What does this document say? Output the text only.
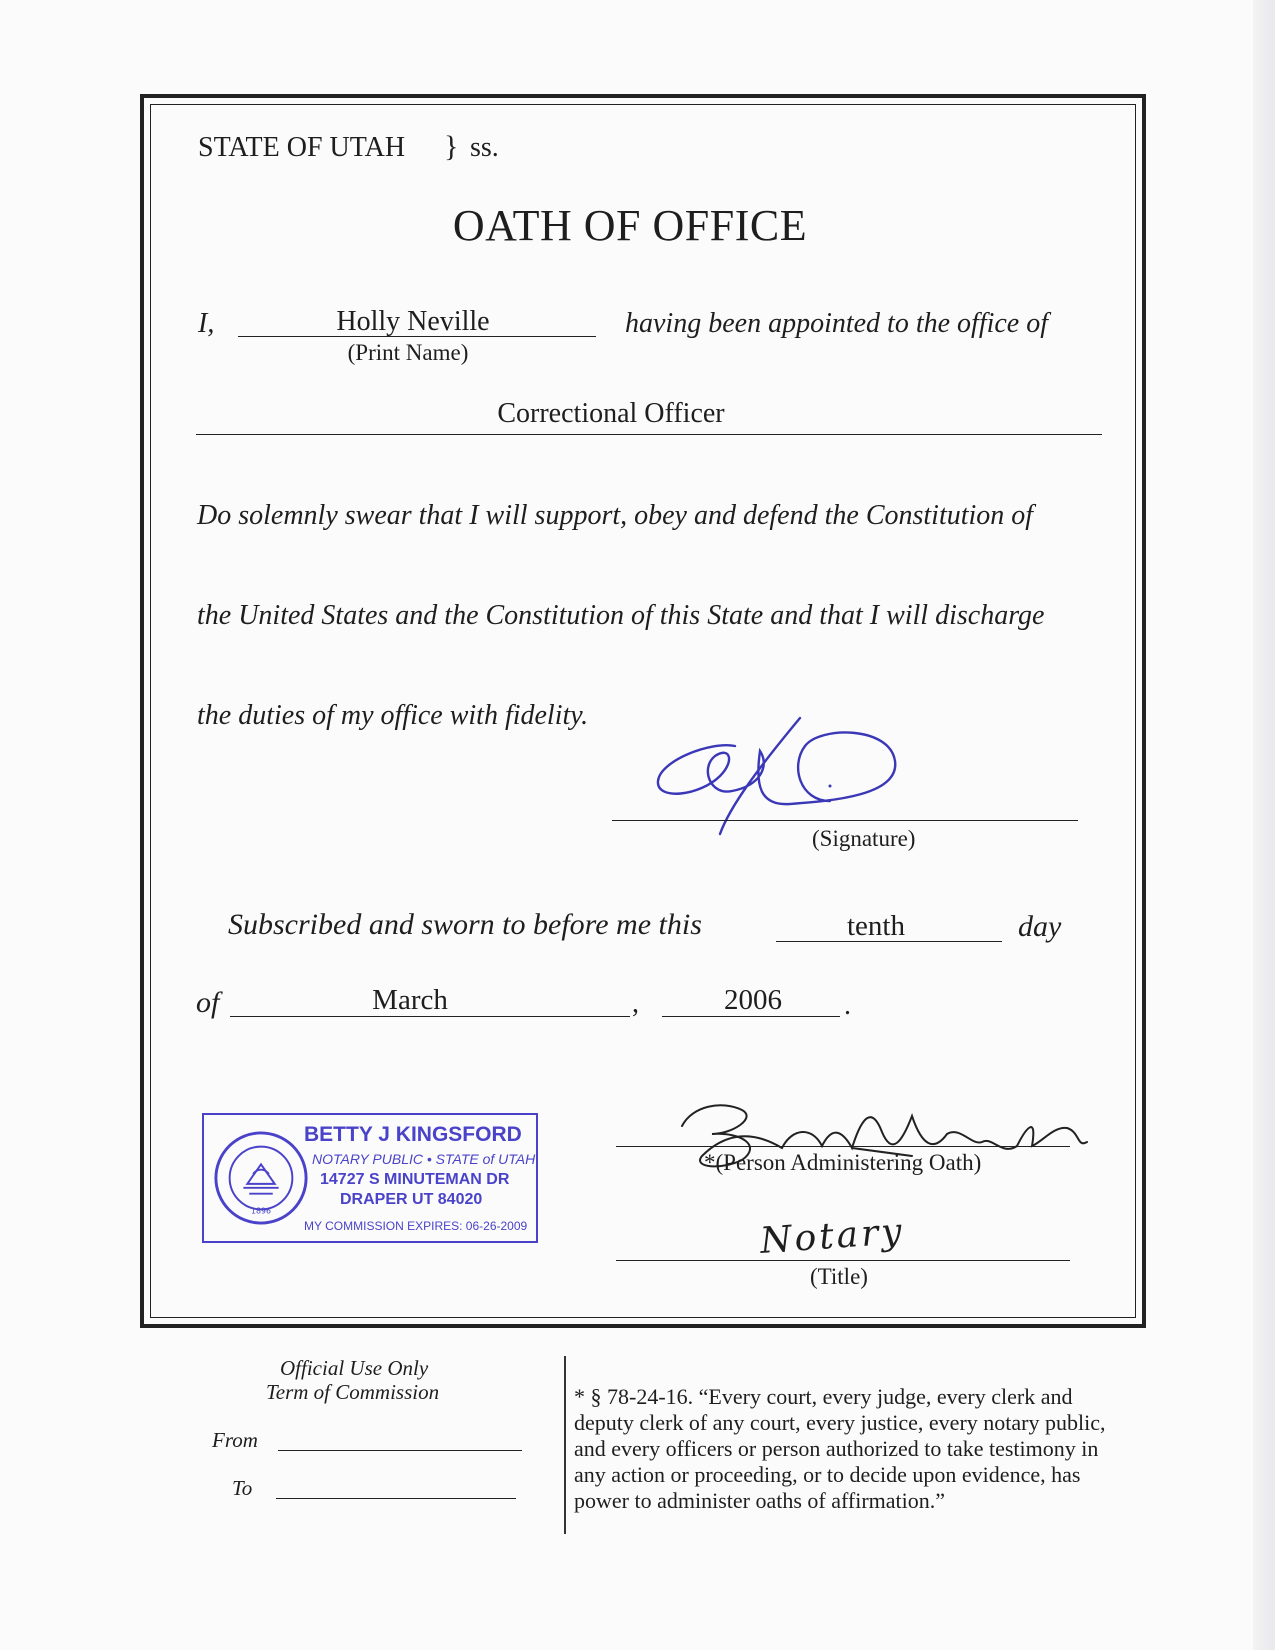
STATE OF UTAH } ss.
OATH OF OFFICE
I,	Holly Neville
(Print Name)
having been appointed to the office of
Correctional Officer
Do solemnly swear that I will support, obey and defend the Constitution of
the United States and the Constitution of this State and that I will discharge
the duties of my office with fidelity.
(Signature)
Subscribed and sworn to before me this	tenth	day
of	March	,	2006	.
1896
BETTY J KINGSFORD
NOTARY PUBLIC • STATE of UTAH
14727 S MINUTEMAN DR
DRAPER UT 84020
MY COMMISSION EXPIRES: 06-26-2009
*(Person Administering Oath)
Notary
(Title)
Official Use Only
Term of Commission
From
To
* § 78-24-16. “Every court, every judge, every clerk and
deputy clerk of any court, every justice, every notary public,
and every officers or person authorized to take testimony in
any action or proceeding, or to decide upon evidence, has
power to administer oaths of affirmation.”
